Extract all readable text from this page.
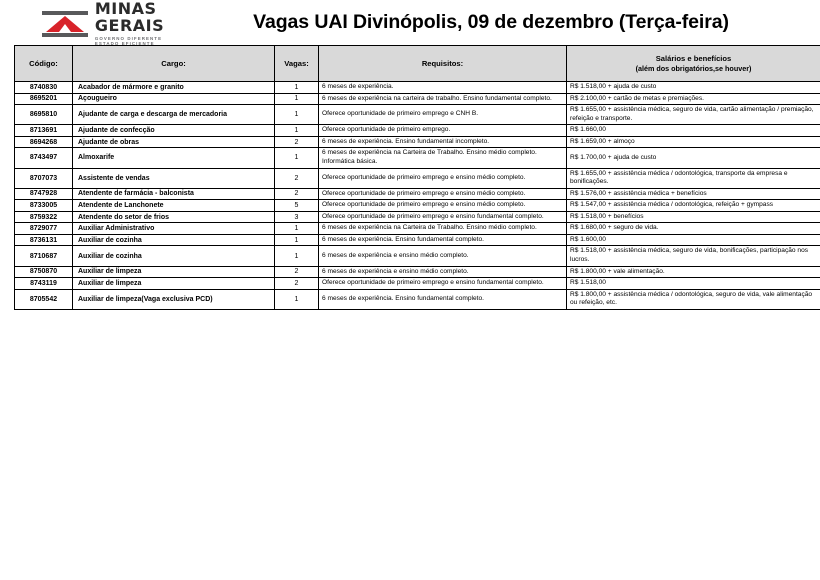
MINAS
GERAIS
GOVERNO DIFERENTE
ESTADO EFICIENTE
Vagas UAI Divinópolis, 09 de dezembro (Terça-feira)
Código:	Cargo:	Vagas:	Requisitos:	Salários e benefícios
(além dos obrigatórios,se houver)

8740830	Acabador de mármore e granito	1	6 meses de experiência.	R$ 1.518,00 + ajuda de custo
8695201	Açougueiro	1	6 meses de experiência na carteira de trabalho. Ensino fundamental completo.	R$ 2.100,00 + cartão de metas e premiações.
8695810	Ajudante de carga e descarga de mercadoria	1	Oferece oportunidade de primeiro emprego e CNH B.	R$ 1.655,00 + assistência médica, seguro de vida, cartão alimentação / premiação, refeição e transporte.
8713691	Ajudante de confecção	1	Oferece oportunidade de primeiro emprego.	R$ 1.660,00
8694268	Ajudante de obras	2	6 meses de experiência. Ensino fundamental incompleto.	R$ 1.659,00 + almoço
8743497	Almoxarife	1	6 meses de experiência na Carteira de Trabalho. Ensino médio completo. Informática básica.	R$ 1.700,00 + ajuda de custo
8707073	Assistente de vendas	2	Oferece oportunidade de primeiro emprego e ensino médio completo.	R$ 1.655,00 + assistência médica / odontológica, transporte da empresa e bonificações.
8747928	Atendente de farmácia - balconista	2	Oferece oportunidade de primeiro emprego e ensino médio completo.	R$ 1.576,00 + assistência médica + benefícios
8733005	Atendente de Lanchonete	5	Oferece oportunidade de primeiro emprego e ensino médio completo.	R$ 1.547,00 + assistência médica / odontológica, refeição + gympass
8759322	Atendente do setor de frios	3	Oferece oportunidade de primeiro emprego e ensino fundamental completo.	R$ 1.518,00 + benefícios
8729077	Auxiliar Administrativo	1	6 meses de experiência na Carteira de Trabalho. Ensino médio completo.	R$ 1.680,00 + seguro de vida.
8736131	Auxiliar de cozinha	1	6 meses de experiência. Ensino fundamental completo.	R$ 1.600,00
8710687	Auxiliar de cozinha	1	6 meses de experiência e ensino médio completo.	R$ 1.518,00 + assistência médica, seguro de vida, bonificações, participação nos lucros.
8750870	Auxiliar de limpeza	2	6 meses de experiência e ensino médio completo.	R$ 1.800,00 + vale alimentação.
8743119	Auxiliar de limpeza	2	Oferece oportunidade de primeiro emprego e ensino fundamental completo.	R$ 1.518,00
8705542	Auxiliar de limpeza(Vaga exclusiva PCD)	1	6 meses de experiência. Ensino fundamental completo.	R$ 1.800,00 + assistência médica / odontológica, seguro de vida, vale alimentação ou refeição, etc.
